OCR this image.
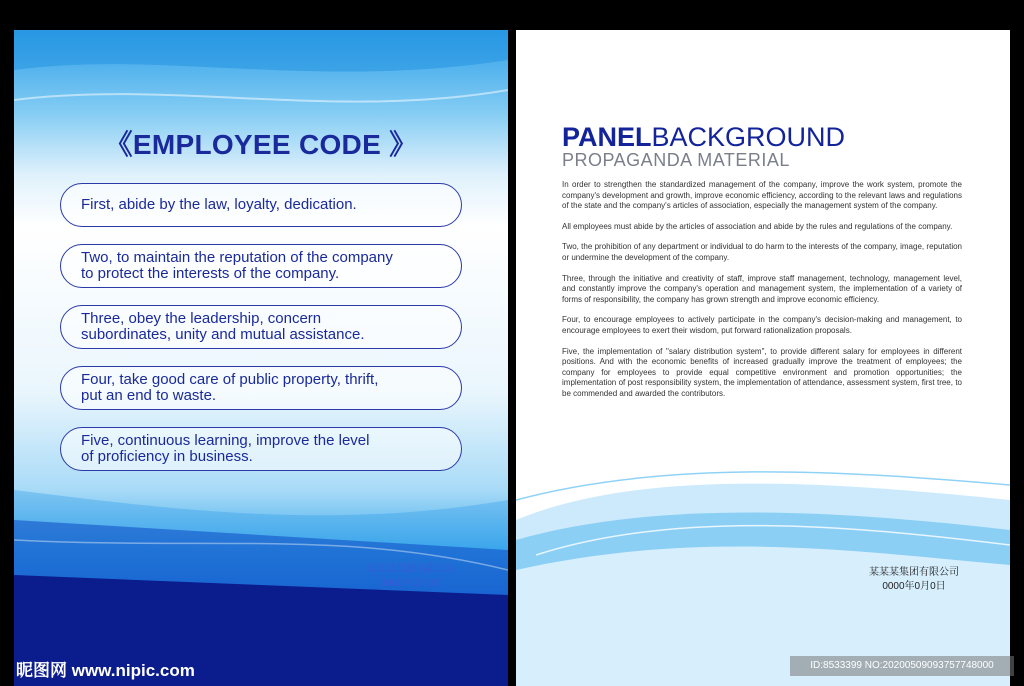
《EMPLOYEE CODE 》
First, abide by the law, loyalty, dedication.
Two, to maintain the reputation of the company
to protect the interests of the company.
Three, obey the leadership, concern
subordinates, unity and mutual assistance.
Four, take good care of public property, thrift,
put an end to waste.
Five, continuous learning, improve the level
of proficiency in business.
某某某集团有限公司
0000年0月0日
PANELBACKGROUND
PROPAGANDA MATERIAL

In order to strengthen the standardized management of the company, improve the work system, promote the company's development and growth, improve economic efficiency, according to the relevant laws and regulations of the state and the company's articles of association, especially the management system of the company.

All employees must abide by the articles of association and abide by the rules and regulations of the company.

Two, the prohibition of any department or individual to do harm to the interests of the company, image, reputation or undermine the development of the company.

Three, through the initiative and creativity of staff, improve staff management, technology, management level, and constantly improve the company's operation and management system, the implementation of a variety of forms of responsibility, the company has grown strength and improve economic efficiency.

Four, to encourage employees to actively participate in the company's decision-making and management, to encourage employees to exert their wisdom, put forward rationalization proposals.

Five, the implementation of "salary distribution system", to provide different salary for employees in different positions. And with the economic benefits of increased gradually improve the treatment of employees; the company for employees to provide equal competitive environment and promotion opportunities; the implementation of post responsibility system, the implementation of attendance, assessment system, first tree, to be commended and awarded the contributors.

某某某集团有限公司
0000年0月0日
昵图网 www.nipic.com	ID:8533399 NO:20200509093757748000
